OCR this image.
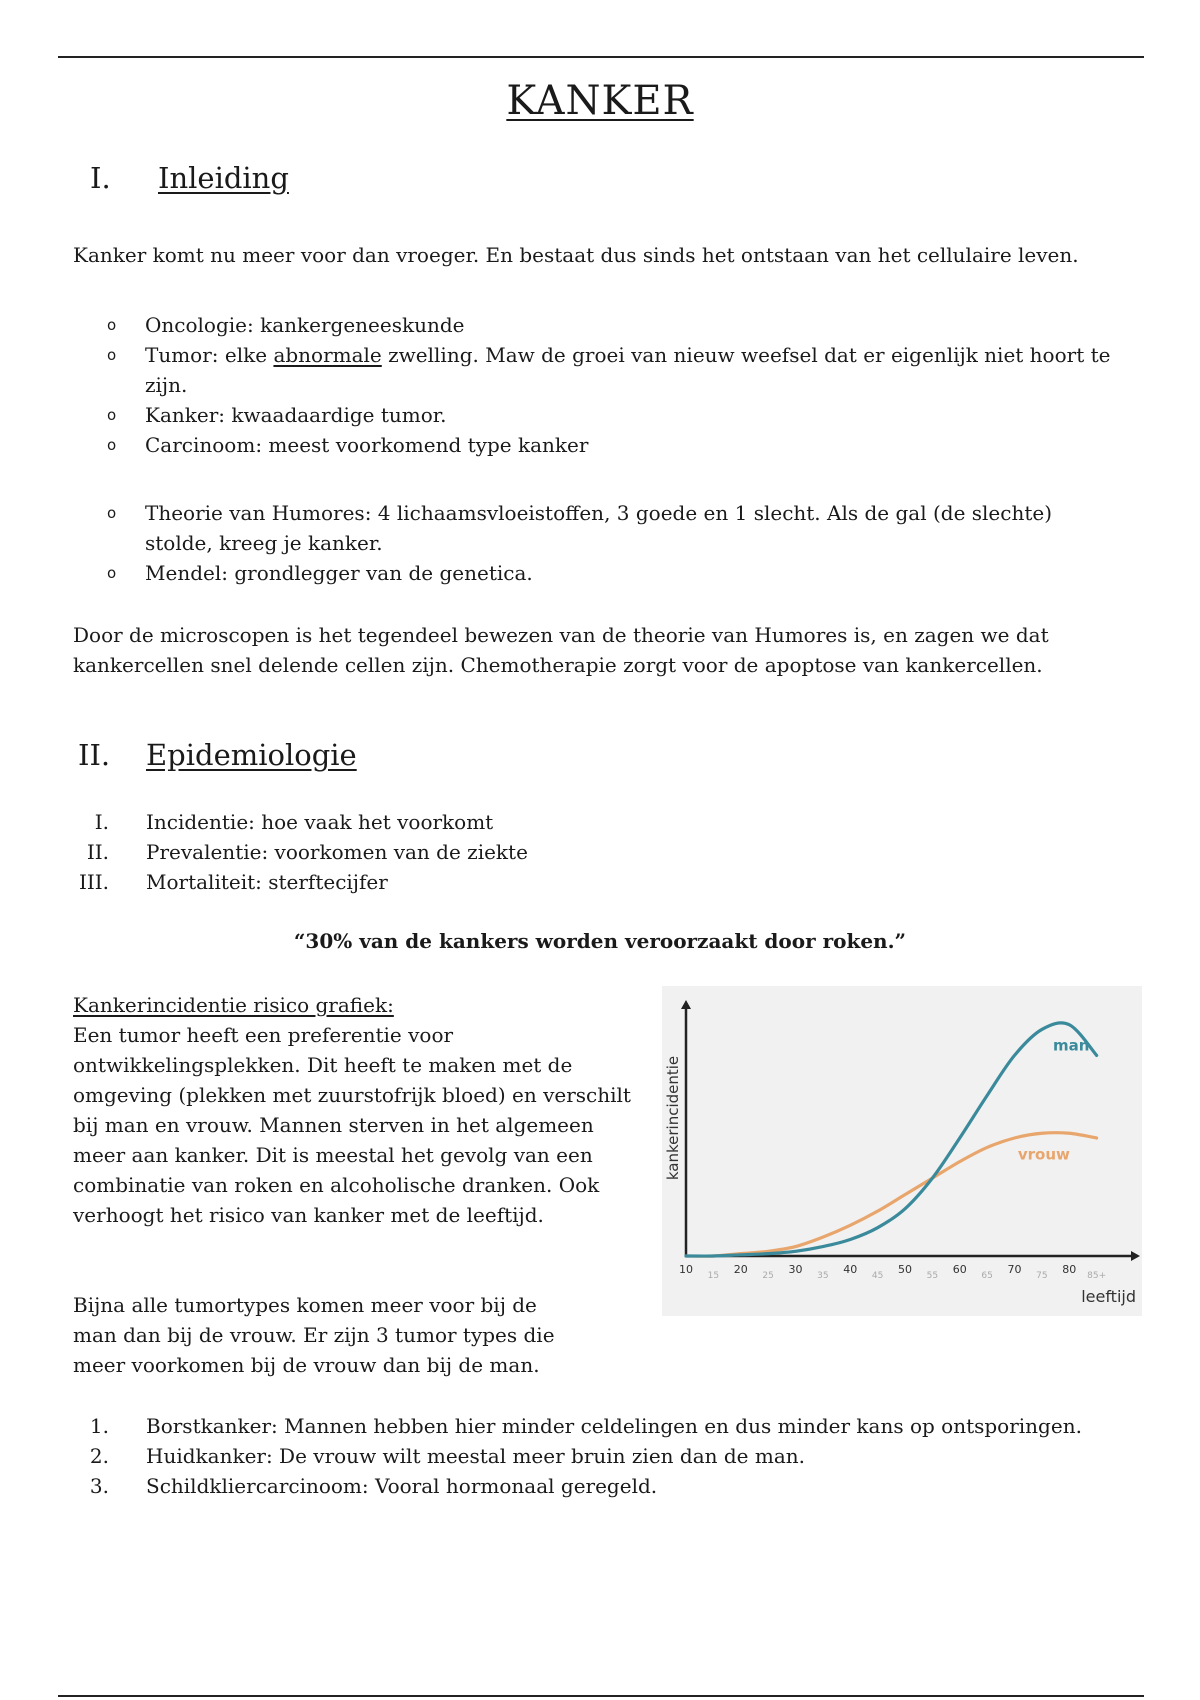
KANKER
I. Inleiding

Kanker komt nu meer voor dan vroeger. En bestaat dus sinds het ontstaan van het cellulaire leven.

o Oncologie: kankergeneeskunde
o Tumor: elke abnormale zwelling. Maw de groei van nieuw weefsel dat er eigenlijk niet hoort te zijn.
o Kanker: kwaadaardige tumor.
o Carcinoom: meest voorkomend type kanker
o Theorie van Humores: 4 lichaamsvloeistoffen, 3 goede en 1 slecht. Als de gal (de slechte) stolde, kreeg je kanker.
o Mendel: grondlegger van de genetica.

Door de microscopen is het tegendeel bewezen van de theorie van Humores is, en zagen we dat kankercellen snel delende cellen zijn. Chemotherapie zorgt voor de apoptose van kankercellen.

II. Epidemiologie
I. Incidentie: hoe vaak het voorkomt
II. Prevalentie: voorkomen van de ziekte
III. Mortaliteit: sterftecijfer
“30% van de kankers worden veroorzaakt door roken.”

Kankerincidentie risico grafiek:

Een tumor heeft een preferentie voor ontwikkelingsplekken. Dit heeft te maken met de omgeving (plekken met zuurstofrijk bloed) en verschilt bij man en vrouw. Mannen sterven in het algemeen meer aan kanker. Dit is meestal het gevolg van een combinatie van roken en alcoholische dranken. Ook verhoogt het risico van kanker met de leeftijd.

man
vrouw
10 15 20 25 30 35 40 45 50 55 60 65 70 75 80 85+
leeftijd
kankerincidentie

Bijna alle tumortypes komen meer voor bij de man dan bij de vrouw. Er zijn 3 tumor types die meer voorkomen bij de vrouw dan bij de man.

1. Borstkanker: Mannen hebben hier minder celdelingen en dus minder kans op ontsporingen.
2. Huidkanker: De vrouw wilt meestal meer bruin zien dan de man.
3. Schildkliercarcinoom: Vooral hormonaal geregeld.
